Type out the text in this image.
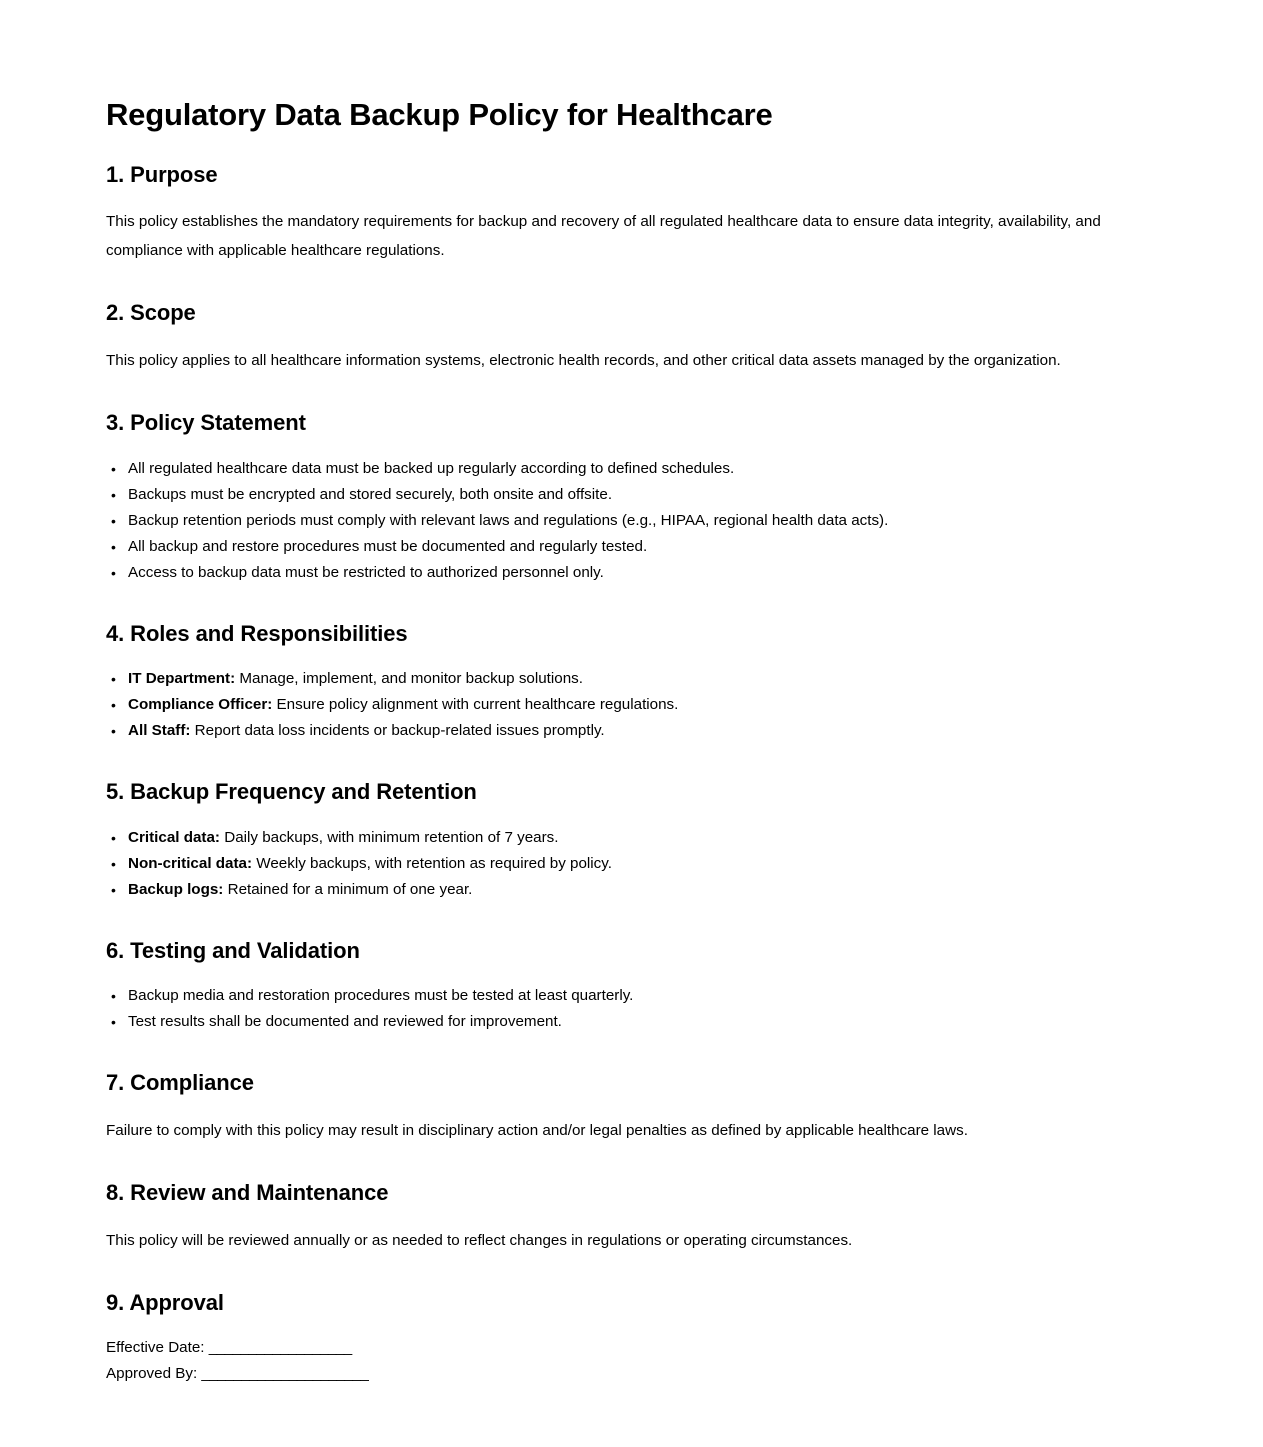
Regulatory Data Backup Policy for Healthcare
1. Purpose

This policy establishes the mandatory requirements for backup and recovery of all regulated healthcare data to ensure data integrity, availability, and compliance with applicable healthcare regulations.

2. Scope

This policy applies to all healthcare information systems, electronic health records, and other critical data assets managed by the organization.

3. Policy Statement
• All regulated healthcare data must be backed up regularly according to defined schedules.
• Backups must be encrypted and stored securely, both onsite and offsite.
• Backup retention periods must comply with relevant laws and regulations (e.g., HIPAA, regional health data acts).
• All backup and restore procedures must be documented and regularly tested.
• Access to backup data must be restricted to authorized personnel only.
4. Roles and Responsibilities
• IT Department: Manage, implement, and monitor backup solutions.
• Compliance Officer: Ensure policy alignment with current healthcare regulations.
• All Staff: Report data loss incidents or backup-related issues promptly.
5. Backup Frequency and Retention
• Critical data: Daily backups, with minimum retention of 7 years.
• Non-critical data: Weekly backups, with retention as required by policy.
• Backup logs: Retained for a minimum of one year.
6. Testing and Validation
• Backup media and restoration procedures must be tested at least quarterly.
• Test results shall be documented and reviewed for improvement.
7. Compliance

Failure to comply with this policy may result in disciplinary action and/or legal penalties as defined by applicable healthcare laws.

8. Review and Maintenance

This policy will be reviewed annually or as needed to reflect changes in regulations or operating circumstances.

9. Approval
Effective Date: __________________
Approved By: _____________________
